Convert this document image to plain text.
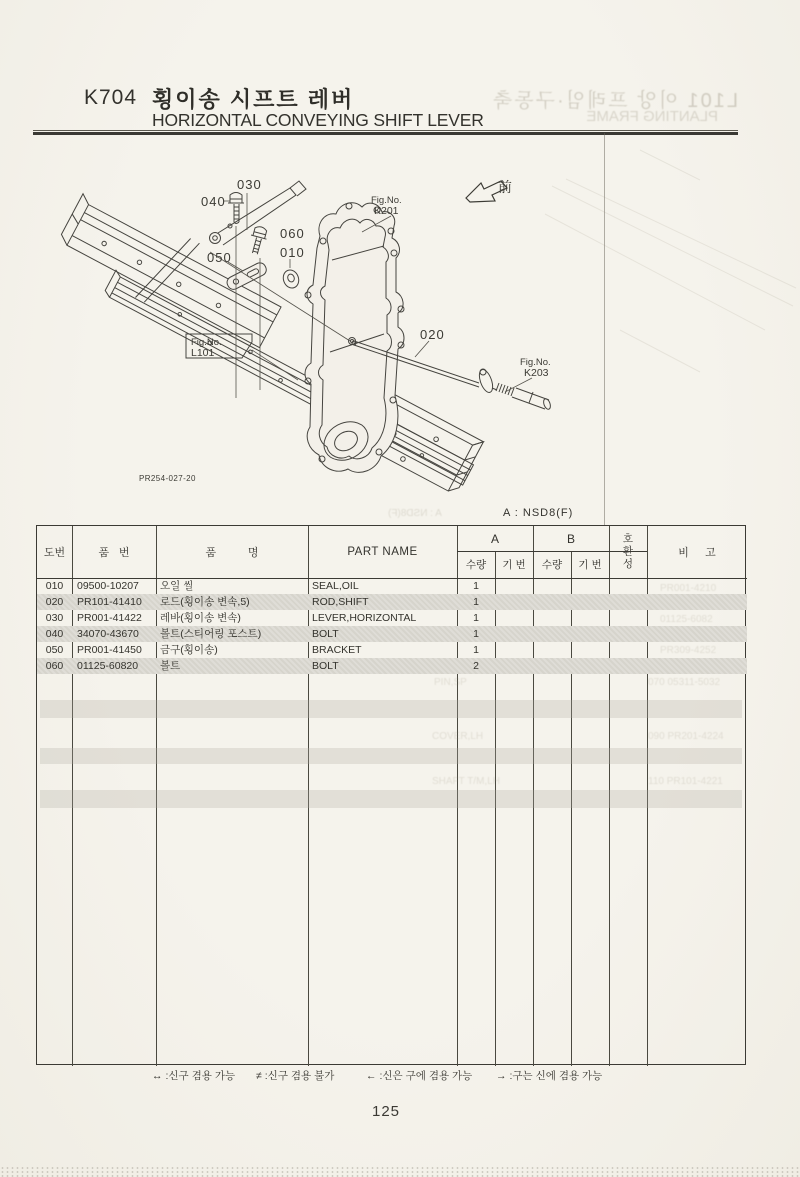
L101 이앙 프레임·구동축
PLANTING FRAME
K704 횡이송 시프트 레버
HORIZONTAL CONVEYING SHIFT LEVER
前
040
030
060
050	010
020
Fig.No.
K201
Fig.No.
L101
Fig.No.
K203
PR254-027-20
A : NSD8(F)	A : NSD8(F)
도번	품 번	품 명	PART NAME
A	B
수량	기 번	수량	기 번	호환성	비 고
010	09500-10207 오일 씰	SEAL,OIL	1
020	PR101-41410 로드(횡이송 변속,5)	ROD,SHIFT	1
030	PR001-41422 레바(횡이송 변속)	LEVER,HORIZONTAL	1
040	34070-43670 볼트(스티어링 포스트)	BOLT	1
050	PR001-41450 금구(횡이송)	BRACKET	1
060	01125-60820 볼트	BOLT	2
PIN,SP
COVER,LH
SHAFT T/M,LH
070 05311-5032
090 PR201-4224
110 PR101-4221
PR001-4210
01125-6082
PR309-4252
↔ :신구 겸용 가능 ≠ :신구 겸용 불가	← :신은 구에 겸용 가능 → :구는 신에 겸용 가능
125
